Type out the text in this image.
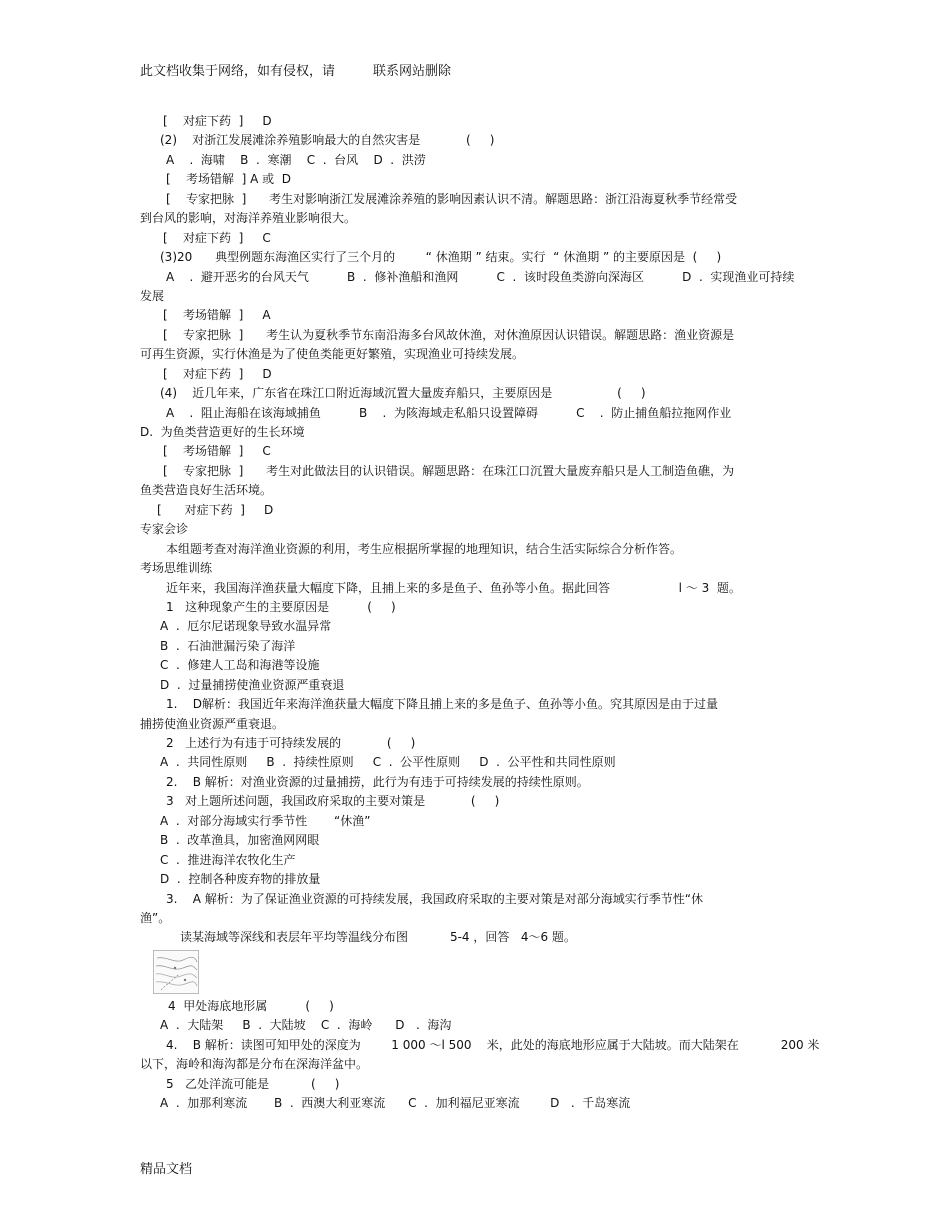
此文档收集于网络，如有侵权，请	联系网站删除
[    对症下药  ]     D
(2)    对浙江发展滩涂养殖影响最大的自然灾害是            (     )
A    .  海啸    B  .  寒潮    C  .  台风    D  .  洪涝
[    考场错解  ] A 或  D
[    专家把脉  ]      考生对影响浙江发展滩涂养殖的影响因素认识不清。解题思路：浙江沿海夏秋季节经常受
到台风的影响，对海洋养殖业影响很大。
[    对症下药  ]     C
(3)20      典型例题东海渔区实行了三个月的        “ 休渔期 ” 结束。实行  “ 休渔期 ” 的主要原因是  (     )
A    .  避开恶劣的台风天气          B  .  修补渔船和渔网          C  .  该时段鱼类游向深海区          D  .  实现渔业可持续
发展
[    考场错解  ]     A
[    专家把脉  ]      考生认为夏秋季节东南沿海多台风故休渔，对休渔原因认识错误。解题思路：渔业资源是
可再生资源，实行休渔是为了使鱼类能更好繁殖，实现渔业可持续发展。
[    对症下药  ]     D
(4)    近几年来，广东省在珠江口附近海域沉置大量废弃船只，主要原因是                 (     )
A    .  阻止海船在该海域捕鱼          B    .  为陔海域走私船只设置障碍          C    .  防止捕鱼船拉拖网作业
D.  为鱼类营造更好的生长环境
[    考场错解  ]     C
[    专家把脉  ]      考生对此做法目的认识错误。解题思路：在珠江口沉置大量废弃船只是人工制造鱼礁，为
鱼类营造良好生活环境。
[      对症下药  ]     D
专家会诊
本组题考查对海洋渔业资源的利用，考生应根据所掌握的地理知识，结合生活实际综合分析作答。
考场思维训练
近年来，我国海洋渔获量大幅度下降，且捕上来的多是鱼子、鱼孙等小鱼。据此回答                  l ～ 3  题。
1   这种现象产生的主要原因是          (     )
A  .  厄尔尼诺现象导致水温异常
B  .  石油泄漏污染了海洋
C  .  修建人工岛和海港等设施
D  .  过量捕捞使渔业资源严重衰退
1.    D解析：我国近年来海洋渔获量大幅度下降且捕上来的多是鱼子、鱼孙等小鱼。究其原因是由于过量
捕捞使渔业资源严重衰退。
2   上述行为有违于可持续发展的            (     )
A  .  共同性原则     B  .  持续性原则     C  .  公平性原则     D  .  公平性和共同性原则
2.    B 解析：对渔业资源的过量捕捞，此行为有违于可持续发展的持续性原则。
3   对上题所述问题，我国政府采取的主要对策是            (     )
A  .  对部分海域实行季节性       “休渔”
B  .  改革渔具，加密渔网网眼
C  .  推进海洋农牧化生产
D  .  控制各种废弃物的排放量
3.    A 解析：为了保证渔业资源的可持续发展，我国政府采取的主要对策是对部分海域实行季节性“休
渔”。
读某海域等深线和表层年平均等温线分布图           5-4 ，回答   4～6 题。
4  甲处海底地形属          (     )
A  .  大陆架     B  .  大陆坡    C  .  海岭      D   .  海沟
4.    B 解析：读图可知甲处的深度为        1 000 ～l 500    米，此处的海底地形应属于大陆坡。而大陆架在           200 米
以下，海岭和海沟都是分布在深海洋盆中。
5   乙处洋流可能是           (     )
A  .  加那利寒流       B  .  西澳大利亚寒流      C  .  加利福尼亚寒流        D   .  千岛寒流
精品文档
